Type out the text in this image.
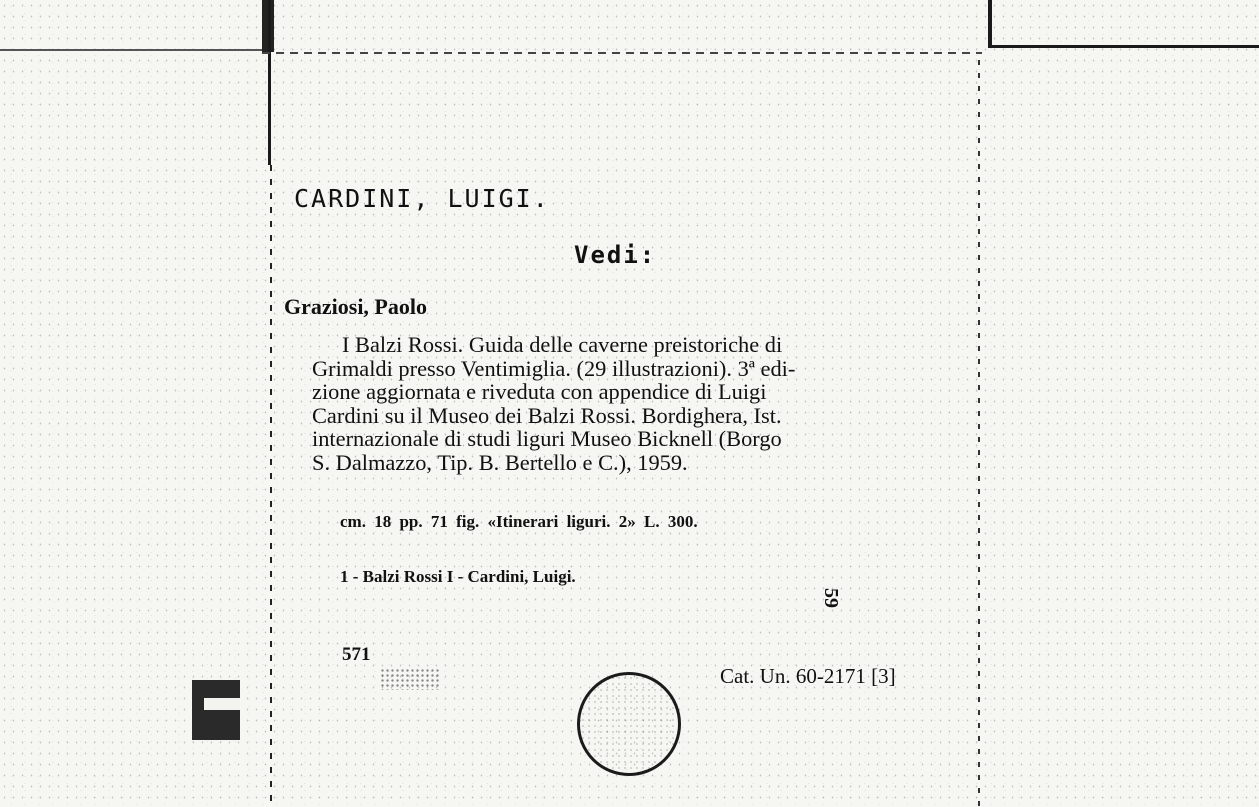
CARDINI, LUIGI.
Vedi:
Graziosi, Paolo
I Balzi Rossi. Guida delle caverne preistoriche di
Grimaldi presso Ventimiglia. (29 illustrazioni). 3ª edi-
zione aggiornata e riveduta con appendice di Luigi
Cardini su il Museo dei Balzi Rossi. Bordighera, Ist.
internazionale di studi liguri Museo Bicknell (Borgo
S. Dalmazzo, Tip. B. Bertello e C.), 1959.
cm. 18 pp. 71 fig. «Itinerari liguri. 2» L. 300.
1 - Balzi Rossi I - Cardini, Luigi.
571
Cat. Un. 60-2171 [3]
59
